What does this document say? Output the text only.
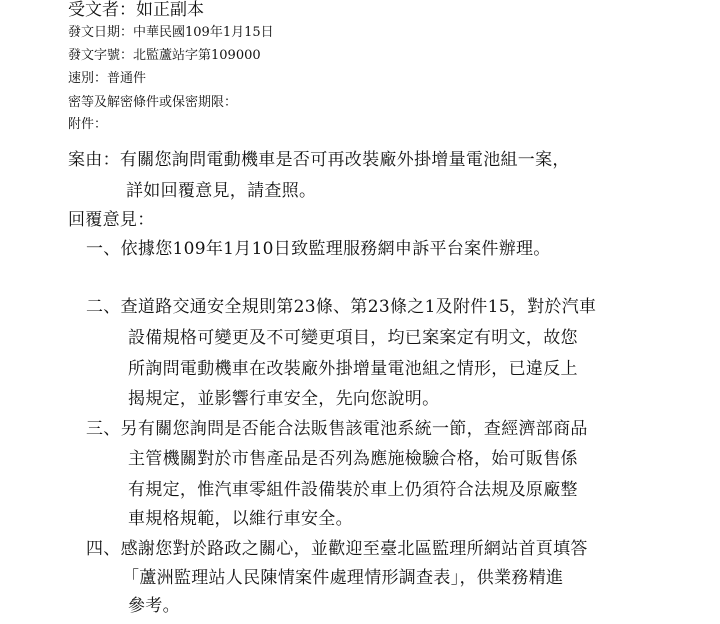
受文者：如正副本
發文日期：中華民國109年1月15日
發文字號：北監蘆站字第109000
速別：普通件
密等及解密條件或保密期限：
附件：
案由：有關您詢問電動機車是否可再改裝廠外掛增量電池組一案，
詳如回覆意見，請查照。
回覆意見：
一、依據您109年1月10日致監理服務網申訴平台案件辦理。
二、查道路交通安全規則第23條、第23條之1及附件15，對於汽車
設備規格可變更及不可變更項目，均已案案定有明文，故您
所詢問電動機車在改裝廠外掛增量電池組之情形，已違反上
揭規定，並影響行車安全，先向您說明。
三、另有關您詢問是否能合法販售該電池系統一節，查經濟部商品
主管機關對於市售產品是否列為應施檢驗合格，始可販售係
有規定，惟汽車零組件設備裝於車上仍須符合法規及原廠整
車規格規範，以維行車安全。
四、感謝您對於路政之關心，並歡迎至臺北區監理所網站首頁填答
「蘆洲監理站人民陳情案件處理情形調查表」，供業務精進
參考。
